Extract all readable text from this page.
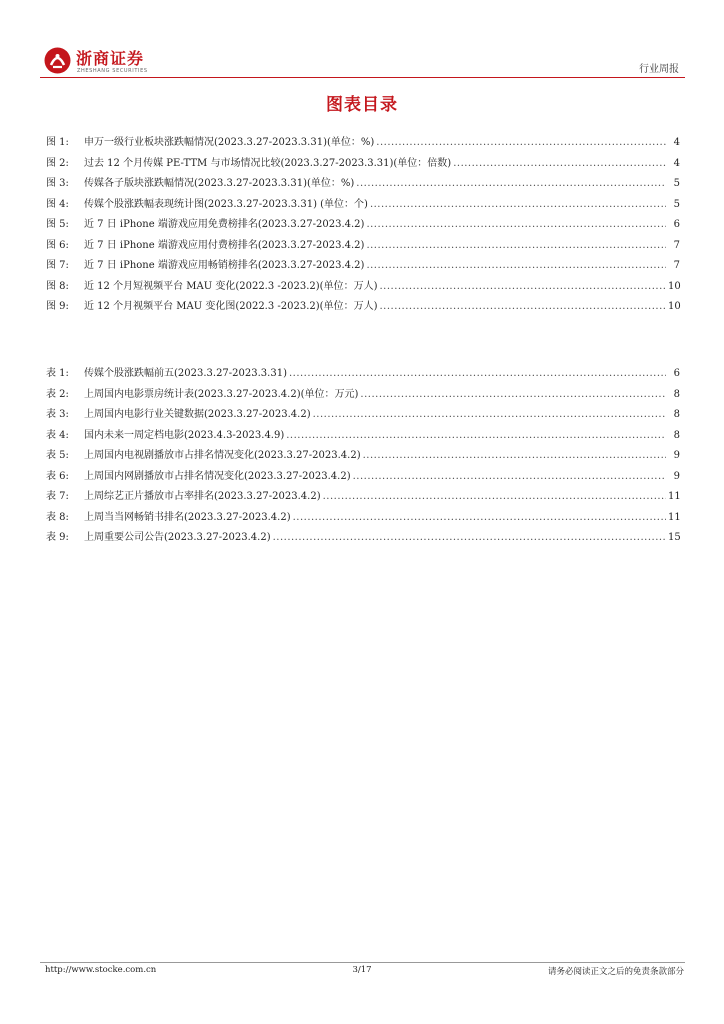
浙商证券
ZHESHANG SECURITIES	行业周报
图表目录
图 1:	申万一级行业板块涨跌幅情况(2023.3.27-2023.3.31)(单位：%) .....	4
图 2:	过去 12 个月传媒 PE-TTM 与市场情况比较(2023.3.27-2023.3.31)(单位：倍数) .....	4
图 3:	传媒各子版块涨跌幅情况(2023.3.27-2023.3.31)(单位：%) .....	5
图 4:	传媒个股涨跌幅表现统计图(2023.3.27-2023.3.31) (单位：个) .....	5
图 5:	近 7 日 iPhone 端游戏应用免费榜排名(2023.3.27-2023.4.2) .....	6
图 6:	近 7 日 iPhone 端游戏应用付费榜排名(2023.3.27-2023.4.2) .....	7
图 7:	近 7 日 iPhone 端游戏应用畅销榜排名(2023.3.27-2023.4.2) .....	7
图 8:	近 12 个月短视频平台 MAU 变化(2022.3 -2023.2)(单位：万人) .....	10
图 9:	近 12 个月视频平台 MAU 变化图(2022.3 -2023.2)(单位：万人) .....	10
表 1:	传媒个股涨跌幅前五(2023.3.27-2023.3.31) .....	6
表 2:	上周国内电影票房统计表(2023.3.27-2023.4.2)(单位：万元) .....	8
表 3:	上周国内电影行业关键数据(2023.3.27-2023.4.2) .....	8
表 4:	国内未来一周定档电影(2023.4.3-2023.4.9) .....	8
表 5:	上周国内电视剧播放市占排名情况变化(2023.3.27-2023.4.2) .....	9
表 6:	上周国内网剧播放市占排名情况变化(2023.3.27-2023.4.2) .....	9
表 7:	上周综艺正片播放市占率排名(2023.3.27-2023.4.2) .....	11
表 8:	上周当当网畅销书排名(2023.3.27-2023.4.2) .....	11
表 9:	上周重要公司公告(2023.3.27-2023.4.2) .....	15
http://www.stocke.com.cn	3/17	请务必阅读正文之后的免责条款部分
